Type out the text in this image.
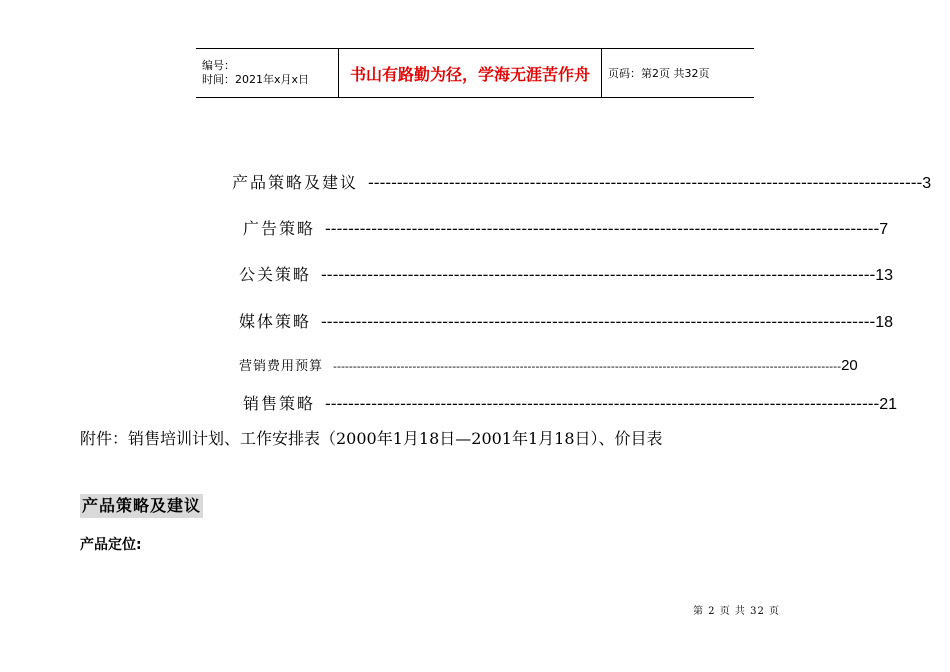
编号：
时间：2021年x月x日	书山有路勤为径，学海无涯苦作舟 页码：第2页 共32页
产品策略及建议 ------------------------------------------------------------------------------------------------ 3
广告策略 ------------------------------------------------------------------------------------------------ 7
公关策略 ------------------------------------------------------------------------------------------------ 13
媒体策略 ------------------------------------------------------------------------------------------------ 18
营销费用预算 -------------------------------------------------------------------------------------------------------------------------------- 20
销售策略 ------------------------------------------------------------------------------------------------ 21
附件：销售培训计划、工作安排表（2000年1月18日—2001年1月18日）、价目表
产品策略及建议
产品定位:
第 2 页 共 32 页
